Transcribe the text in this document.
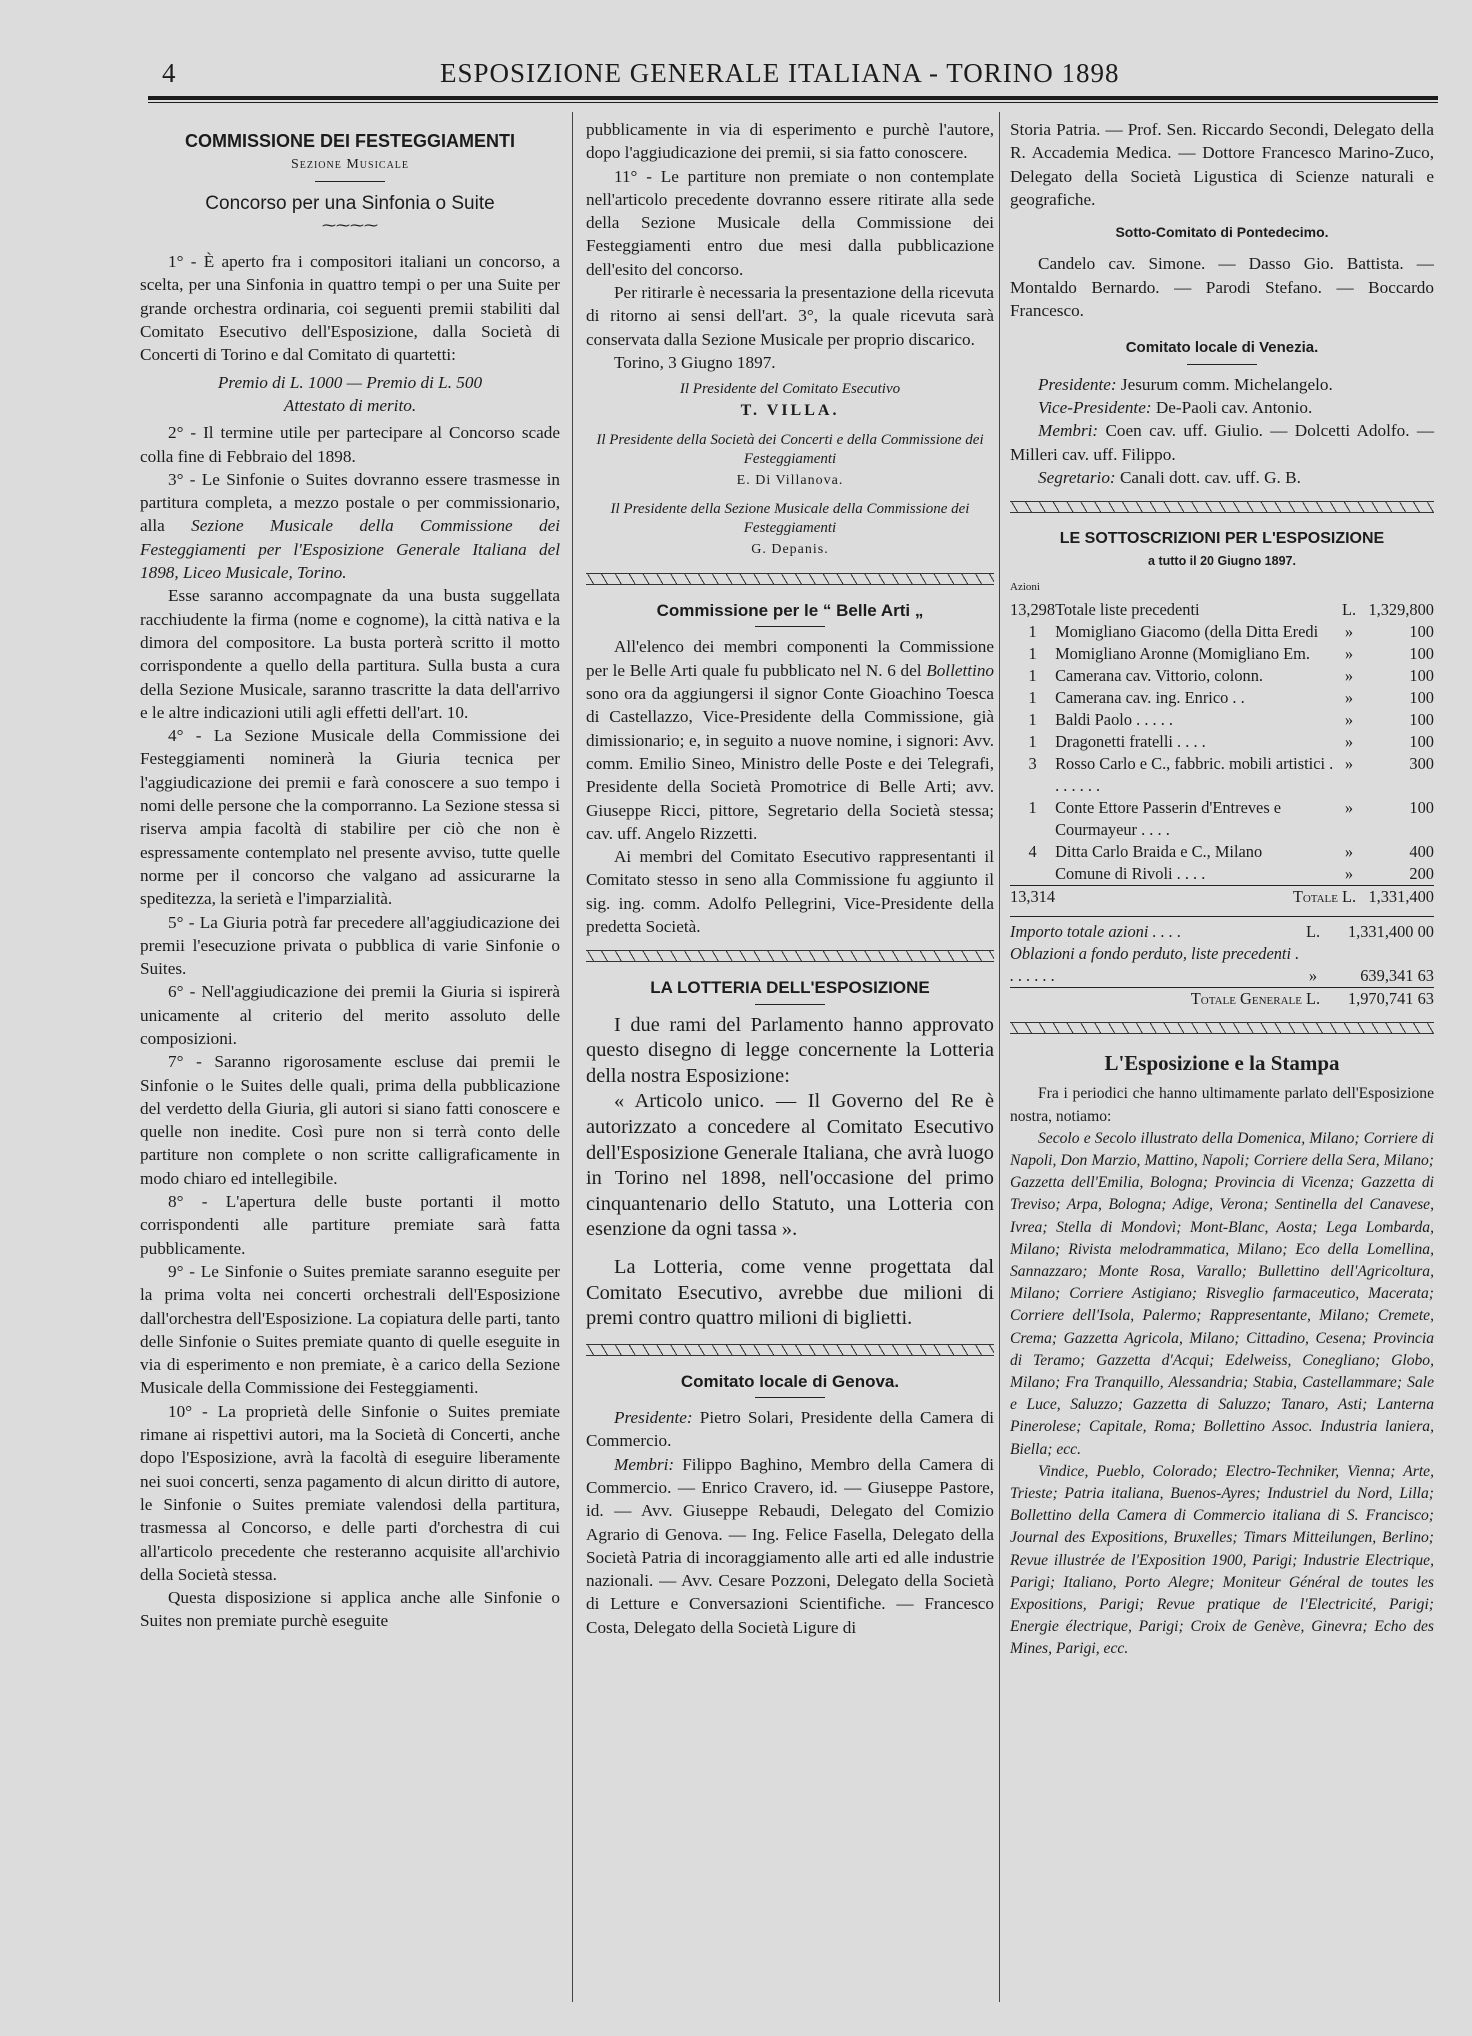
4	ESPOSIZIONE GENERALE ITALIANA - TORINO 1898
COMMISSIONE DEI FESTEGGIAMENTI
Sezione Musicale
Concorso per una Sinfonia o Suite
⁓⁓⁓⁓

1° - È aperto fra i compositori italiani un concorso, a scelta, per una Sinfonia in quattro tempi o per una Suite per grande orchestra ordinaria, coi seguenti premii stabiliti dal Comitato Esecutivo dell'Esposizione, dalla Società di Concerti di Torino e dal Comitato di quartetti:

Premio di L. 1000 — Premio di L. 500

Attestato di merito.

2° - Il termine utile per partecipare al Concorso scade colla fine di Febbraio del 1898.

3° - Le Sinfonie o Suites dovranno essere trasmesse in partitura completa, a mezzo postale o per commissionario, alla Sezione Musicale della Commissione dei Festeggiamenti per l'Esposizione Generale Italiana del 1898, Liceo Musicale, Torino.

Esse saranno accompagnate da una busta suggellata racchiudente la firma (nome e cognome), la città nativa e la dimora del compositore. La busta porterà scritto il motto corrispondente a quello della partitura. Sulla busta a cura della Sezione Musicale, saranno trascritte la data dell'arrivo e le altre indicazioni utili agli effetti dell'art. 10.

4° - La Sezione Musicale della Commissione dei Festeggiamenti nominerà la Giuria tecnica per l'aggiudicazione dei premii e farà conoscere a suo tempo i nomi delle persone che la comporranno. La Sezione stessa si riserva ampia facoltà di stabilire per ciò che non è espressamente contemplato nel presente avviso, tutte quelle norme per il concorso che valgano ad assicurarne la speditezza, la serietà e l'imparzialità.

5° - La Giuria potrà far precedere all'aggiudicazione dei premii l'esecuzione privata o pubblica di varie Sinfonie o Suites.

6° - Nell'aggiudicazione dei premii la Giuria si ispirerà unicamente al criterio del merito assoluto delle composizioni.

7° - Saranno rigorosamente escluse dai premii le Sinfonie o le Suites delle quali, prima della pubblicazione del verdetto della Giuria, gli autori si siano fatti conoscere e quelle non inedite. Così pure non si terrà conto delle partiture non complete o non scritte calligraficamente in modo chiaro ed intellegibile.

8° - L'apertura delle buste portanti il motto corrispondenti alle partiture premiate sarà fatta pubblicamente.

9° - Le Sinfonie o Suites premiate saranno eseguite per la prima volta nei concerti orchestrali dell'Esposizione dall'orchestra dell'Esposizione. La copiatura delle parti, tanto delle Sinfonie o Suites premiate quanto di quelle eseguite in via di esperimento e non premiate, è a carico della Sezione Musicale della Commissione dei Festeggiamenti.

10° - La proprietà delle Sinfonie o Suites premiate rimane ai rispettivi autori, ma la Società di Concerti, anche dopo l'Esposizione, avrà la facoltà di eseguire liberamente nei suoi concerti, senza pagamento di alcun diritto di autore, le Sinfonie o Suites premiate valendosi della partitura, trasmessa al Concorso, e delle parti d'orchestra di cui all'articolo precedente che resteranno acquisite all'archivio della Società stessa.

Questa disposizione si applica anche alle Sinfonie o Suites non premiate purchè eseguite

pubblicamente in via di esperimento e purchè l'autore, dopo l'aggiudicazione dei premii, si sia fatto conoscere.

11° - Le partiture non premiate o non contemplate nell'articolo precedente dovranno essere ritirate alla sede della Sezione Musicale della Commissione dei Festeggiamenti entro due mesi dalla pubblicazione dell'esito del concorso.

Per ritirarle è necessaria la presentazione della ricevuta di ritorno ai sensi dell'art. 3°, la quale ricevuta sarà conservata dalla Sezione Musicale per proprio discarico.

Torino, 3 Giugno 1897.

Il Presidente del Comitato Esecutivo
T. VILLA.
Il Presidente della Società dei Concerti e della Commissione dei Festeggiamenti
E. Di Villanova.
Il Presidente della Sezione Musicale della Commissione dei Festeggiamenti
G. Depanis.
Commissione per le “ Belle Arti „

All'elenco dei membri componenti la Commissione per le Belle Arti quale fu pubblicato nel N. 6 del Bollettino sono ora da aggiungersi il signor Conte Gioachino Toesca di Castellazzo, Vice-Presidente della Commissione, già dimissionario; e, in seguito a nuove nomine, i signori: Avv. comm. Emilio Sineo, Ministro delle Poste e dei Telegrafi, Presidente della Società Promotrice di Belle Arti; avv. Giuseppe Ricci, pittore, Segretario della Società stessa; cav. uff. Angelo Rizzetti.

Ai membri del Comitato Esecutivo rappresentanti il Comitato stesso in seno alla Commissione fu aggiunto il sig. ing. comm. Adolfo Pellegrini, Vice-Presidente della predetta Società.

LA LOTTERIA DELL'ESPOSIZIONE

I due rami del Parlamento hanno approvato questo disegno di legge concernente la Lotteria della nostra Esposizione:

« Articolo unico. — Il Governo del Re è autorizzato a concedere al Comitato Esecutivo dell'Esposizione Generale Italiana, che avrà luogo in Torino nel 1898, nell'occasione del primo cinquantenario dello Statuto, una Lotteria con esenzione da ogni tassa ».

La Lotteria, come venne progettata dal Comitato Esecutivo, avrebbe due milioni di premi contro quattro milioni di biglietti.

Comitato locale di Genova.

Presidente: Pietro Solari, Presidente della Camera di Commercio.

Membri: Filippo Baghino, Membro della Camera di Commercio. — Enrico Cravero, id. — Giuseppe Pastore, id. — Avv. Giuseppe Rebaudi, Delegato del Comizio Agrario di Genova. — Ing. Felice Fasella, Delegato della Società Patria di incoraggiamento alle arti ed alle industrie nazionali. — Avv. Cesare Pozzoni, Delegato della Società di Letture e Conversazioni Scientifiche. — Francesco Costa, Delegato della Società Ligure di

Storia Patria. — Prof. Sen. Riccardo Secondi, Delegato della R. Accademia Medica. — Dottore Francesco Marino-Zuco, Delegato della Società Ligustica di Scienze naturali e geografiche.

Sotto-Comitato di Pontedecimo.

Candelo cav. Simone. — Dasso Gio. Battista. — Montaldo Bernardo. — Parodi Stefano. — Boccardo Francesco.

Comitato locale di Venezia.

Presidente: Jesurum comm. Michelangelo.

Vice-Presidente: De-Paoli cav. Antonio.

Membri: Coen cav. uff. Giulio. — Dolcetti Adolfo. — Milleri cav. uff. Filippo.

Segretario: Canali dott. cav. uff. G. B.

LE SOTTOSCRIZIONI PER L'ESPOSIZIONE
a tutto il 20 Giugno 1897.
Azioni
13,298	Totale liste precedenti	L.	1,329,800
1	Momigliano Giacomo (della Ditta Eredi	»	100
1	Momigliano Aronne (Momigliano Em.	»	100
1	Camerana cav. Vittorio, colonn.	»	100
1	Camerana cav. ing. Enrico . .	»	100
1	Baldi Paolo . . . . .	»	100
1	Dragonetti fratelli . . . .	»	100
3	Rosso Carlo e C., fabbric. mobili artistici . . . . . . .	»	300
1	Conte Ettore Passerin d'Entreves e Courmayeur . . . .	»	100
4	Ditta Carlo Braida e C., Milano	»	400
	Comune di Rivoli . . . .	»	200
13,314	Totale	L.	1,331,400
Importo totale azioni . . . .	L.	1,331,400 00
Oblazioni a fondo perduto, liste precedenti . . . . . . .	»	639,341 63
Totale Generale	L.	1,970,741 63
L'Esposizione e la Stampa

Fra i periodici che hanno ultimamente parlato dell'Esposizione nostra, notiamo:

Secolo e Secolo illustrato della Domenica, Milano; Corriere di Napoli, Don Marzio, Mattino, Napoli; Corriere della Sera, Milano; Gazzetta dell'Emilia, Bologna; Provincia di Vicenza; Gazzetta di Treviso; Arpa, Bologna; Adige, Verona; Sentinella del Canavese, Ivrea; Stella di Mondovì; Mont-Blanc, Aosta; Lega Lombarda, Milano; Rivista melodrammatica, Milano; Eco della Lomellina, Sannazzaro; Monte Rosa, Varallo; Bullettino dell'Agricoltura, Milano; Corriere Astigiano; Risveglio farmaceutico, Macerata; Corriere dell'Isola, Palermo; Rappresentante, Milano; Cremete, Crema; Gazzetta Agricola, Milano; Cittadino, Cesena; Provincia di Teramo; Gazzetta d'Acqui; Edelweiss, Conegliano; Globo, Milano; Fra Tranquillo, Alessandria; Stabia, Castellammare; Sale e Luce, Saluzzo; Gazzetta di Saluzzo; Tanaro, Asti; Lanterna Pinerolese; Capitale, Roma; Bollettino Assoc. Industria laniera, Biella; ecc.

Vindice, Pueblo, Colorado; Electro-Techniker, Vienna; Arte, Trieste; Patria italiana, Buenos-Ayres; Industriel du Nord, Lilla; Bollettino della Camera di Commercio italiana di S. Francisco; Journal des Expositions, Bruxelles; Timars Mitteilungen, Berlino; Revue illustrée de l'Exposition 1900, Parigi; Industrie Electrique, Parigi; Italiano, Porto Alegre; Moniteur Général de toutes les Expositions, Parigi; Revue pratique de l'Electricité, Parigi; Energie électrique, Parigi; Croix de Genève, Ginevra; Echo des Mines, Parigi, ecc.
